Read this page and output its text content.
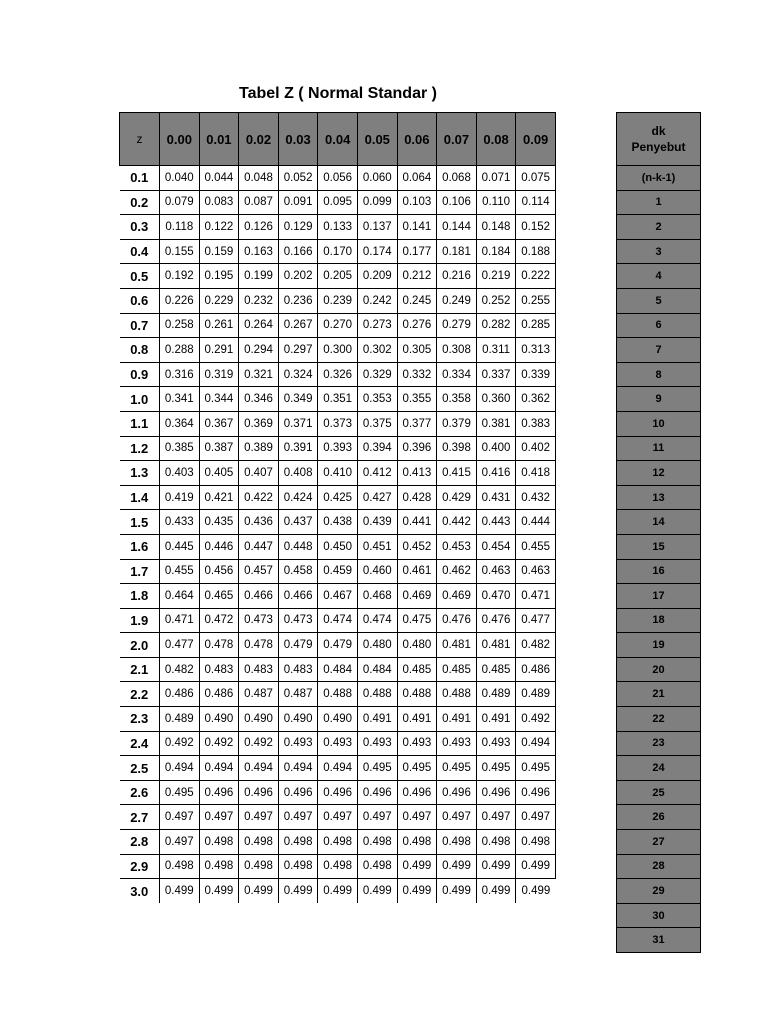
Tabel Z ( Normal Standar )
z	0.00	0.01	0.02	0.03	0.04	0.05	0.06	0.07	0.08	0.09
0.1	0.040	0.044	0.048	0.052	0.056	0.060	0.064	0.068	0.071	0.075
0.2	0.079	0.083	0.087	0.091	0.095	0.099	0.103	0.106	0.110	0.114
0.3	0.118	0.122	0.126	0.129	0.133	0.137	0.141	0.144	0.148	0.152
0.4	0.155	0.159	0.163	0.166	0.170	0.174	0.177	0.181	0.184	0.188
0.5	0.192	0.195	0.199	0.202	0.205	0.209	0.212	0.216	0.219	0.222
0.6	0.226	0.229	0.232	0.236	0.239	0.242	0.245	0.249	0.252	0.255
0.7	0.258	0.261	0.264	0.267	0.270	0.273	0.276	0.279	0.282	0.285
0.8	0.288	0.291	0.294	0.297	0.300	0.302	0.305	0.308	0.311	0.313
0.9	0.316	0.319	0.321	0.324	0.326	0.329	0.332	0.334	0.337	0.339
1.0	0.341	0.344	0.346	0.349	0.351	0.353	0.355	0.358	0.360	0.362
1.1	0.364	0.367	0.369	0.371	0.373	0.375	0.377	0.379	0.381	0.383
1.2	0.385	0.387	0.389	0.391	0.393	0.394	0.396	0.398	0.400	0.402
1.3	0.403	0.405	0.407	0.408	0.410	0.412	0.413	0.415	0.416	0.418
1.4	0.419	0.421	0.422	0.424	0.425	0.427	0.428	0.429	0.431	0.432
1.5	0.433	0.435	0.436	0.437	0.438	0.439	0.441	0.442	0.443	0.444
1.6	0.445	0.446	0.447	0.448	0.450	0.451	0.452	0.453	0.454	0.455
1.7	0.455	0.456	0.457	0.458	0.459	0.460	0.461	0.462	0.463	0.463
1.8	0.464	0.465	0.466	0.466	0.467	0.468	0.469	0.469	0.470	0.471
1.9	0.471	0.472	0.473	0.473	0.474	0.474	0.475	0.476	0.476	0.477
2.0	0.477	0.478	0.478	0.479	0.479	0.480	0.480	0.481	0.481	0.482
2.1	0.482	0.483	0.483	0.483	0.484	0.484	0.485	0.485	0.485	0.486
2.2	0.486	0.486	0.487	0.487	0.488	0.488	0.488	0.488	0.489	0.489
2.3	0.489	0.490	0.490	0.490	0.490	0.491	0.491	0.491	0.491	0.492
2.4	0.492	0.492	0.492	0.493	0.493	0.493	0.493	0.493	0.493	0.494
2.5	0.494	0.494	0.494	0.494	0.494	0.495	0.495	0.495	0.495	0.495
2.6	0.495	0.496	0.496	0.496	0.496	0.496	0.496	0.496	0.496	0.496
2.7	0.497	0.497	0.497	0.497	0.497	0.497	0.497	0.497	0.497	0.497
2.8	0.497	0.498	0.498	0.498	0.498	0.498	0.498	0.498	0.498	0.498
2.9	0.498	0.498	0.498	0.498	0.498	0.498	0.499	0.499	0.499	0.499
3.0	0.499	0.499	0.499	0.499	0.499	0.499	0.499	0.499	0.499	0.499
dk
Penyebut
(n-k-1)
1
2
3
4
5
6
7
8
9
10
11
12
13
14
15
16
17
18
19
20
21
22
23
24
25
26
27
28
29
30
31
